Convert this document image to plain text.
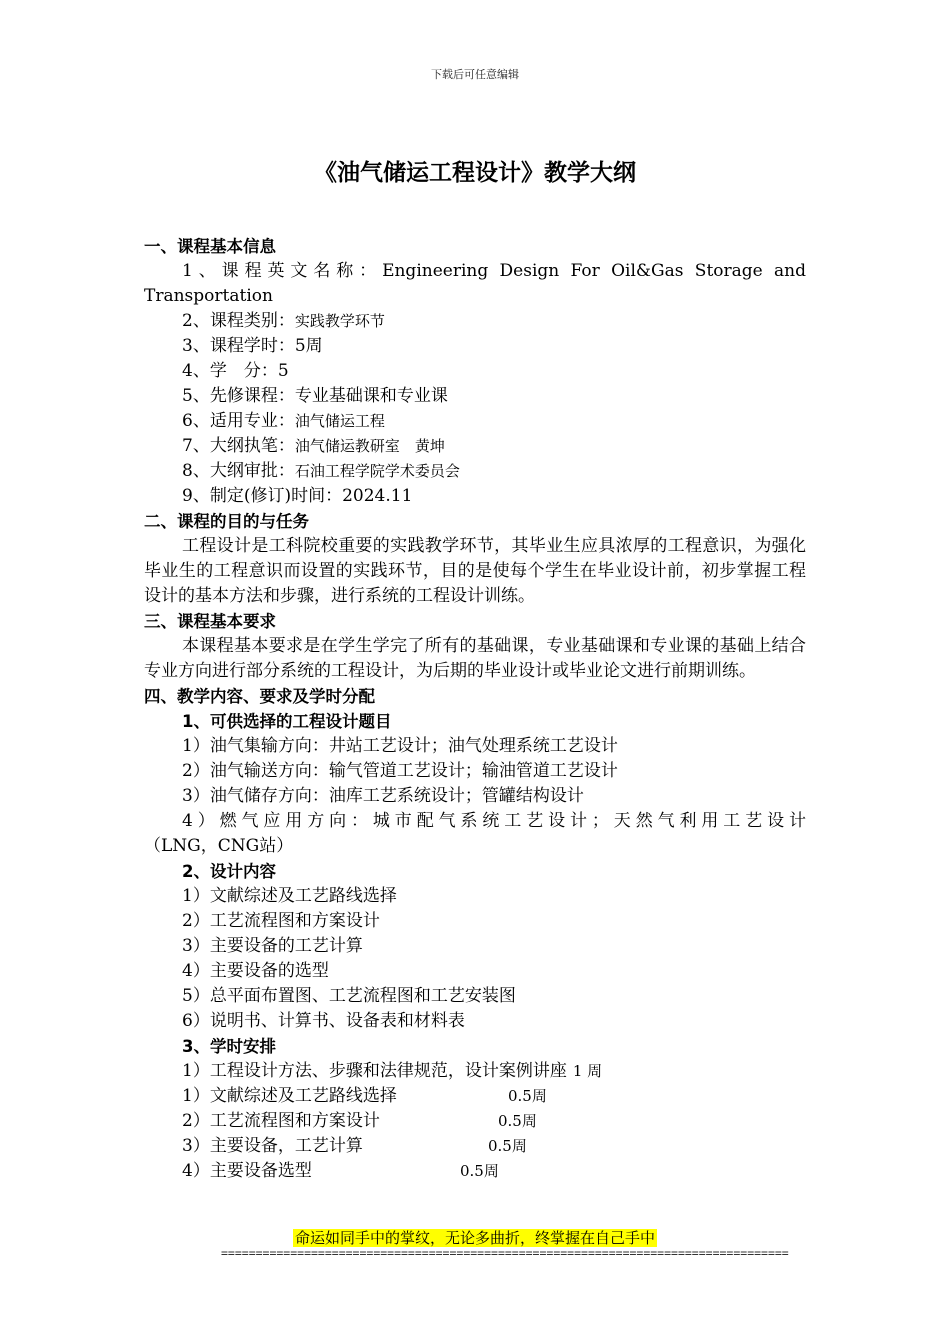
下载后可任意编辑
《油气储运工程设计》教学大纲
一、课程基本信息
1、课程英文名称：Engineering Design For Oil&Gas Storage and
Transportation
2、课程类别：实践教学环节
3、课程学时：5周
4、学　分：5
5、先修课程：专业基础课和专业课
6、适用专业：油气储运工程
7、大纲执笔：油气储运教研室　黄坤
8、大纲审批：石油工程学院学术委员会
9、制定(修订)时间：2024.11
二、课程的目的与任务
工程设计是工科院校重要的实践教学环节，其毕业生应具浓厚的工程意识，为强化毕业生的工程意识而设置的实践环节，目的是使每个学生在毕业设计前，初步掌握工程设计的基本方法和步骤，进行系统的工程设计训练。
三、课程基本要求
本课程基本要求是在学生学完了所有的基础课，专业基础课和专业课的基础上结合专业方向进行部分系统的工程设计，为后期的毕业设计或毕业论文进行前期训练。
四、教学内容、要求及学时分配
1、可供选择的工程设计题目
1）油气集输方向：井站工艺设计；油气处理系统工艺设计
2）油气输送方向：输气管道工艺设计；输油管道工艺设计
3）油气储存方向：油库工艺系统设计；管罐结构设计
4）燃气应用方向：城市配气系统工艺设计；天然气利用工艺设计
（LNG，CNG站）
2、设计内容
1）文献综述及工艺路线选择
2）工艺流程图和方案设计
3）主要设备的工艺计算
4）主要设备的选型
5）总平面布置图、工艺流程图和工艺安装图
6）说明书、计算书、设备表和材料表
3、学时安排
1）工程设计方法、步骤和法律规范，设计案例讲座 1 周
1）文献综述及工艺路线选择	0.5周
2）工艺流程图和方案设计	0.5周
3）主要设备，工艺计算	0.5周
4）主要设备选型	0.5周
命运如同手中的掌纹，无论多曲折，终掌握在自己手中
==================================================================================
